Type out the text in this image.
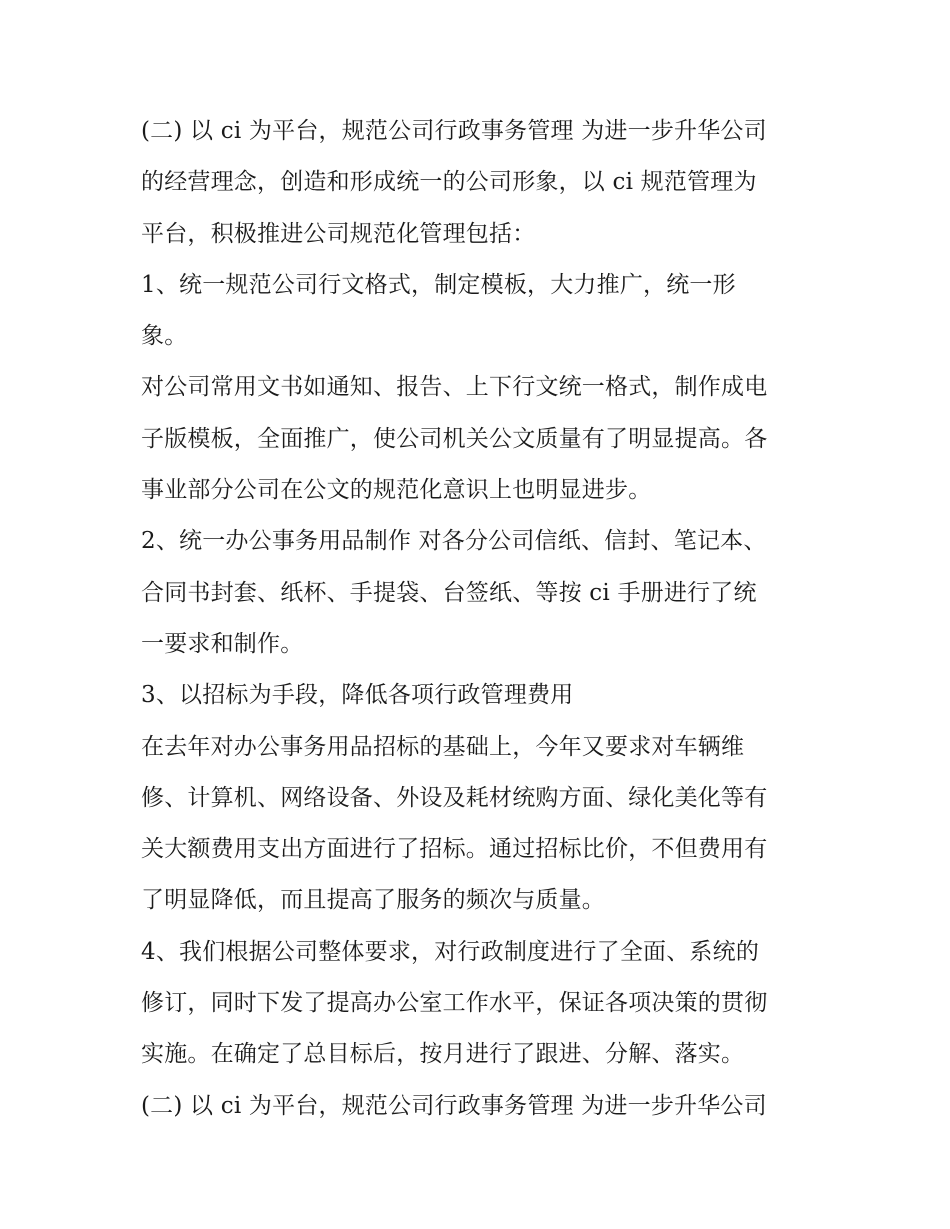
(二) 以 ci 为平台，规范公司行政事务管理 为进一步升华公司
的经营理念，创造和形成统一的公司形象，以 ci 规范管理为
平台，积极推进公司规范化管理包括：
1、统一规范公司行文格式，制定模板，大力推广，统一形
象。
对公司常用文书如通知、报告、上下行文统一格式，制作成电
子版模板，全面推广，使公司机关公文质量有了明显提高。各
事业部分公司在公文的规范化意识上也明显进步。
2、统一办公事务用品制作 对各分公司信纸、信封、笔记本、
合同书封套、纸杯、手提袋、台签纸、等按 ci 手册进行了统
一要求和制作。
3、以招标为手段，降低各项行政管理费用
在去年对办公事务用品招标的基础上，今年又要求对车辆维
修、计算机、网络设备、外设及耗材统购方面、绿化美化等有
关大额费用支出方面进行了招标。通过招标比价，不但费用有
了明显降低，而且提高了服务的频次与质量。
4、我们根据公司整体要求，对行政制度进行了全面、系统的
修订，同时下发了提高办公室工作水平，保证各项决策的贯彻
实施。在确定了总目标后，按月进行了跟进、分解、落实。
(二) 以 ci 为平台，规范公司行政事务管理 为进一步升华公司
